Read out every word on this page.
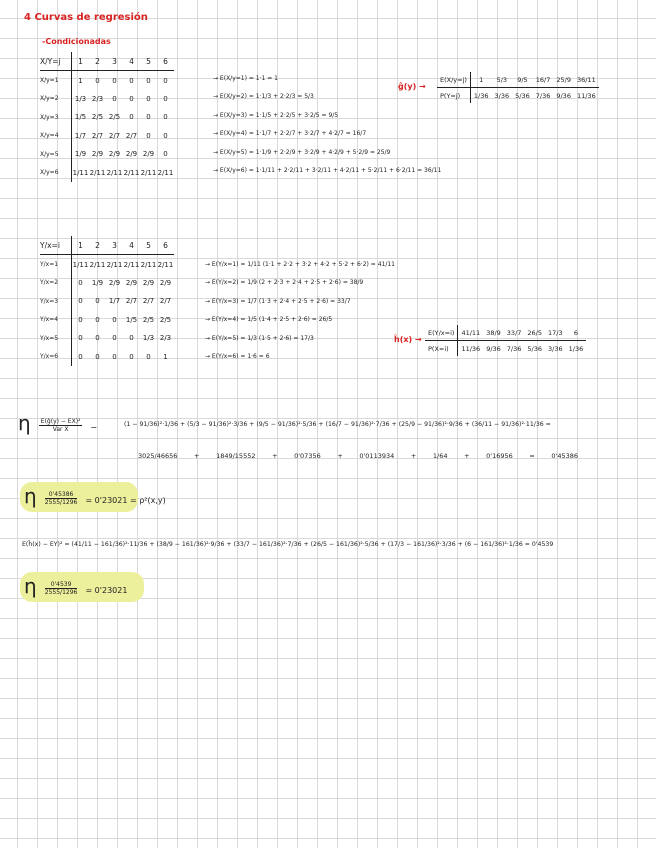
4 Curvas de regresión
-Condicionadas
X/Y=j	1	2	3	4	5	6
X/y=1	1	0	0	0	0	0
X/y=2	1/3	2/3	0	0	0	0
X/y=3	1/5	2/5	2/5	0	0	0
X/y=4	1/7	2/7	2/7	2/7	0	0
X/y=5	1/9	2/9	2/9	2/9	2/9	0
X/y=6	1/11	2/11	2/11	2/11	2/11	2/11
→ E(X/y=1) = 1·1 = 1
→ E(X/y=2) = 1·1/3 + 2·2/3 = 5/3
→ E(X/y=3) = 1·1/5 + 2·2/5 + 3·2/5 = 9/5
→ E(X/y=4) = 1·1/7 + 2·2/7 + 3·2/7 + 4·2/7 = 16/7
→ E(X/y=5) = 1·1/9 + 2·2/9 + 3·2/9 + 4·2/9 + 5·2/9 = 25/9
→ E(X/y=6) = 1·1/11 + 2·2/11 + 3·2/11 + 4·2/11 + 5·2/11 + 6·2/11 = 36/11
ĝ(y) →
E(X/y=j)	1	5/3	9/5	16/7	25/9	36/11
P(Y=j)	1/36	3/36	5/36	7/36	9/36	11/36
Y/x=i	1	2	3	4	5	6
Y/x=1	1/11	2/11	2/11	2/11	2/11	2/11
Y/x=2	0	1/9	2/9	2/9	2/9	2/9
Y/x=3	0	0	1/7	2/7	2/7	2/7
Y/x=4	0	0	0	1/5	2/5	2/5
Y/x=5	0	0	0	0	1/3	2/3
Y/x=6	0	0	0	0	0	1
→ E(Y/x=1) = 1/11 (1·1 + 2·2 + 3·2 + 4·2 + 5·2 + 6·2) = 41/11
→ E(Y/x=2) = 1/9 (2 + 2·3 + 2·4 + 2·5 + 2·6) = 38/9
→ E(Y/x=3) = 1/7 (1·3 + 2·4 + 2·5 + 2·6) = 33/7
→ E(Y/x=4) = 1/5 (1·4 + 2·5 + 2·6) = 26/5
→ E(Y/x=5) = 1/3 (1·5 + 2·6) = 17/3
→ E(Y/x=6) = 1·6 = 6
ĥ(x) →
E(Y/x=i)	41/11	38/9	33/7	26/5	17/3	6
P(X=i)	11/36	9/36	7/36	5/36	3/36	1/36
η	E(ĝ(y) − EX)²
Var X	∼	(1 − 91/36)²·1/36 + (5/3 − 91/36)²·3/36 + (9/5 − 91/36)²·5/36 + (16/7 − 91/36)²·7/36 + (25/9 − 91/36)²·9/36 + (36/11 − 91/36)²·11/36 =
3025/46656	+	1849/15552	+	0'07356	+	0'0113934	+	1/64	+	0'16956	=	0'45386
η $\frac{0'45386}{2555/1296} = 0'23021 = \rho^2(x,y)$
E(ĥ(x) − EY)² = (41/11 − 161/36)²·11/36 + (38/9 − 161/36)²·9/36 + (33/7 − 161/36)²·7/36 + (26/5 − 161/36)²·5/36 + (17/3 − 161/36)²·3/36 + (6 − 161/36)²·1/36 = 0'4539
η $\frac{0'4539}{2555/1296} = 0'23021$
